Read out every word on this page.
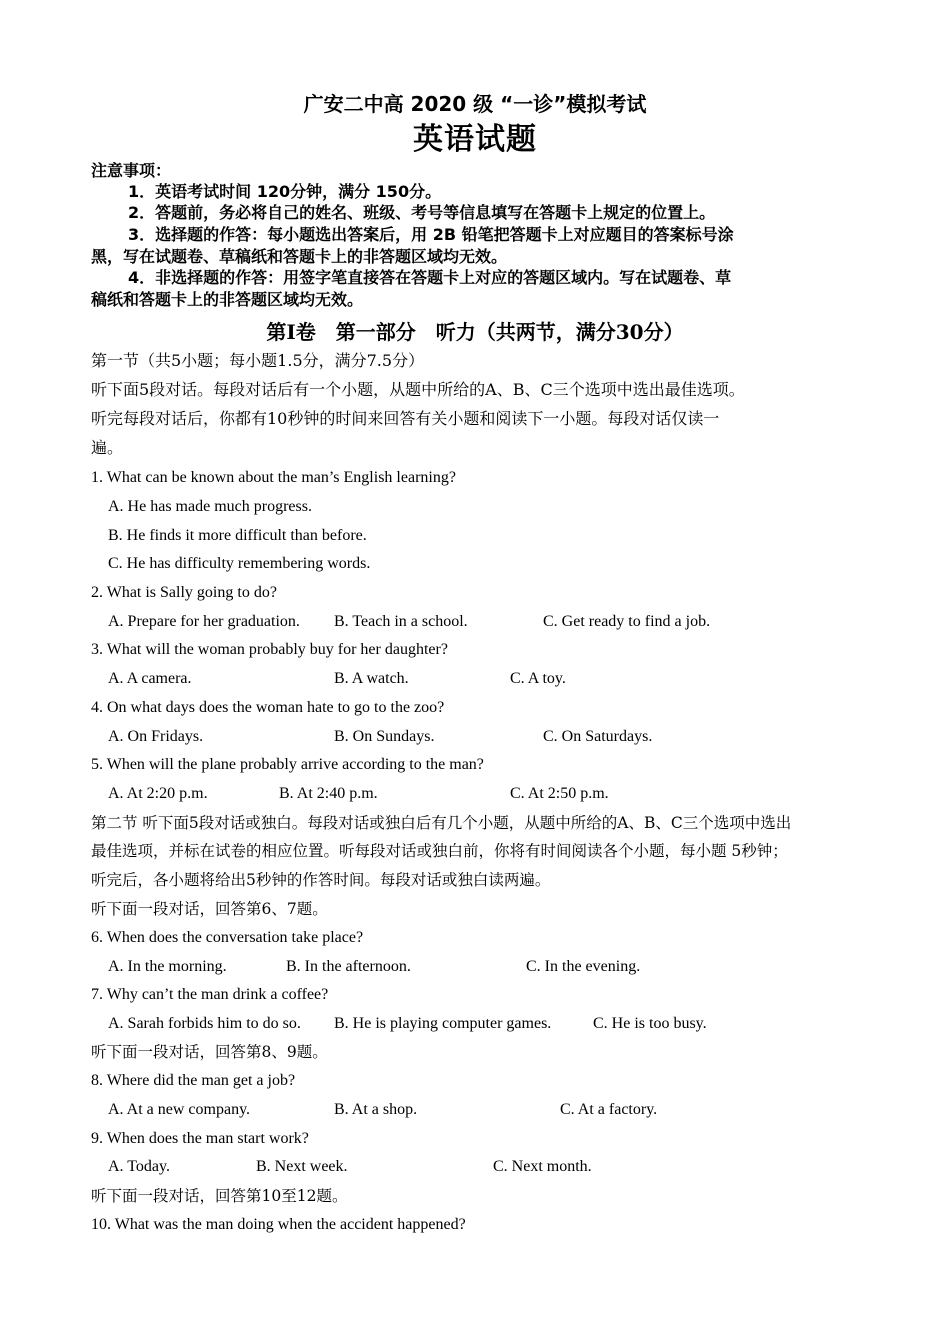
广安二中高 2020 级 “一诊”模拟考试
英语试题
注意事项：
1．英语考试时间 120分钟，满分 150分。
2．答题前，务必将自己的姓名、班级、考号等信息填写在答题卡上规定的位置上。
3．选择题的作答：每小题选出答案后，用 2B 铅笔把答题卡上对应题目的答案标号涂
黑，写在试题卷、草稿纸和答题卡上的非答题区域均无效。
4．非选择题的作答：用签字笔直接答在答题卡上对应的答题区域内。写在试题卷、草
稿纸和答题卡上的非答题区域均无效。
第Ⅰ卷　第一部分　听力（共两节，满分30分）
第一节（共5小题；每小题1.5分，满分7.5分）
听下面5段对话。每段对话后有一个小题，从题中所给的A、B、C三个选项中选出最佳选项。
听完每段对话后，你都有10秒钟的时间来回答有关小题和阅读下一小题。每段对话仅读一
遍。
1. What can be known about the man’s English learning?
A. He has made much progress.
B. He finds it more difficult than before.
C. He has difficulty remembering words.
2. What is Sally going to do?
A. Prepare for her graduation. B. Teach in a school.	C. Get ready to find a job.
3. What will the woman probably buy for her daughter?
A. A camera.	B. A watch.	C. A toy.
4. On what days does the woman hate to go to the zoo?
A. On Fridays.	B. On Sundays.	C. On Saturdays.
5. When will the plane probably arrive according to the man?
A. At 2:20 p.m.	B. At 2:40 p.m.	C. At 2:50 p.m.
第二节 听下面5段对话或独白。每段对话或独白后有几个小题，从题中所给的A、B、C三个选项中选出
最佳选项，并标在试卷的相应位置。听每段对话或独白前，你将有时间阅读各个小题，每小题 5秒钟；
听完后，各小题将给出5秒钟的作答时间。每段对话或独白读两遍。
听下面一段对话，回答第6、7题。
6. When does the conversation take place?
A. In the morning.	B. In the afternoon.	C. In the evening.
7. Why can’t the man drink a coffee?
A. Sarah forbids him to do so. B. He is playing computer games.	C. He is too busy.
听下面一段对话，回答第8、9题。
8. Where did the man get a job?
A. At a new company.	B. At a shop.	C. At a factory.
9. When does the man start work?
A. Today.	B. Next week.	C. Next month.
听下面一段对话，回答第10至12题。
10. What was the man doing when the accident happened?
